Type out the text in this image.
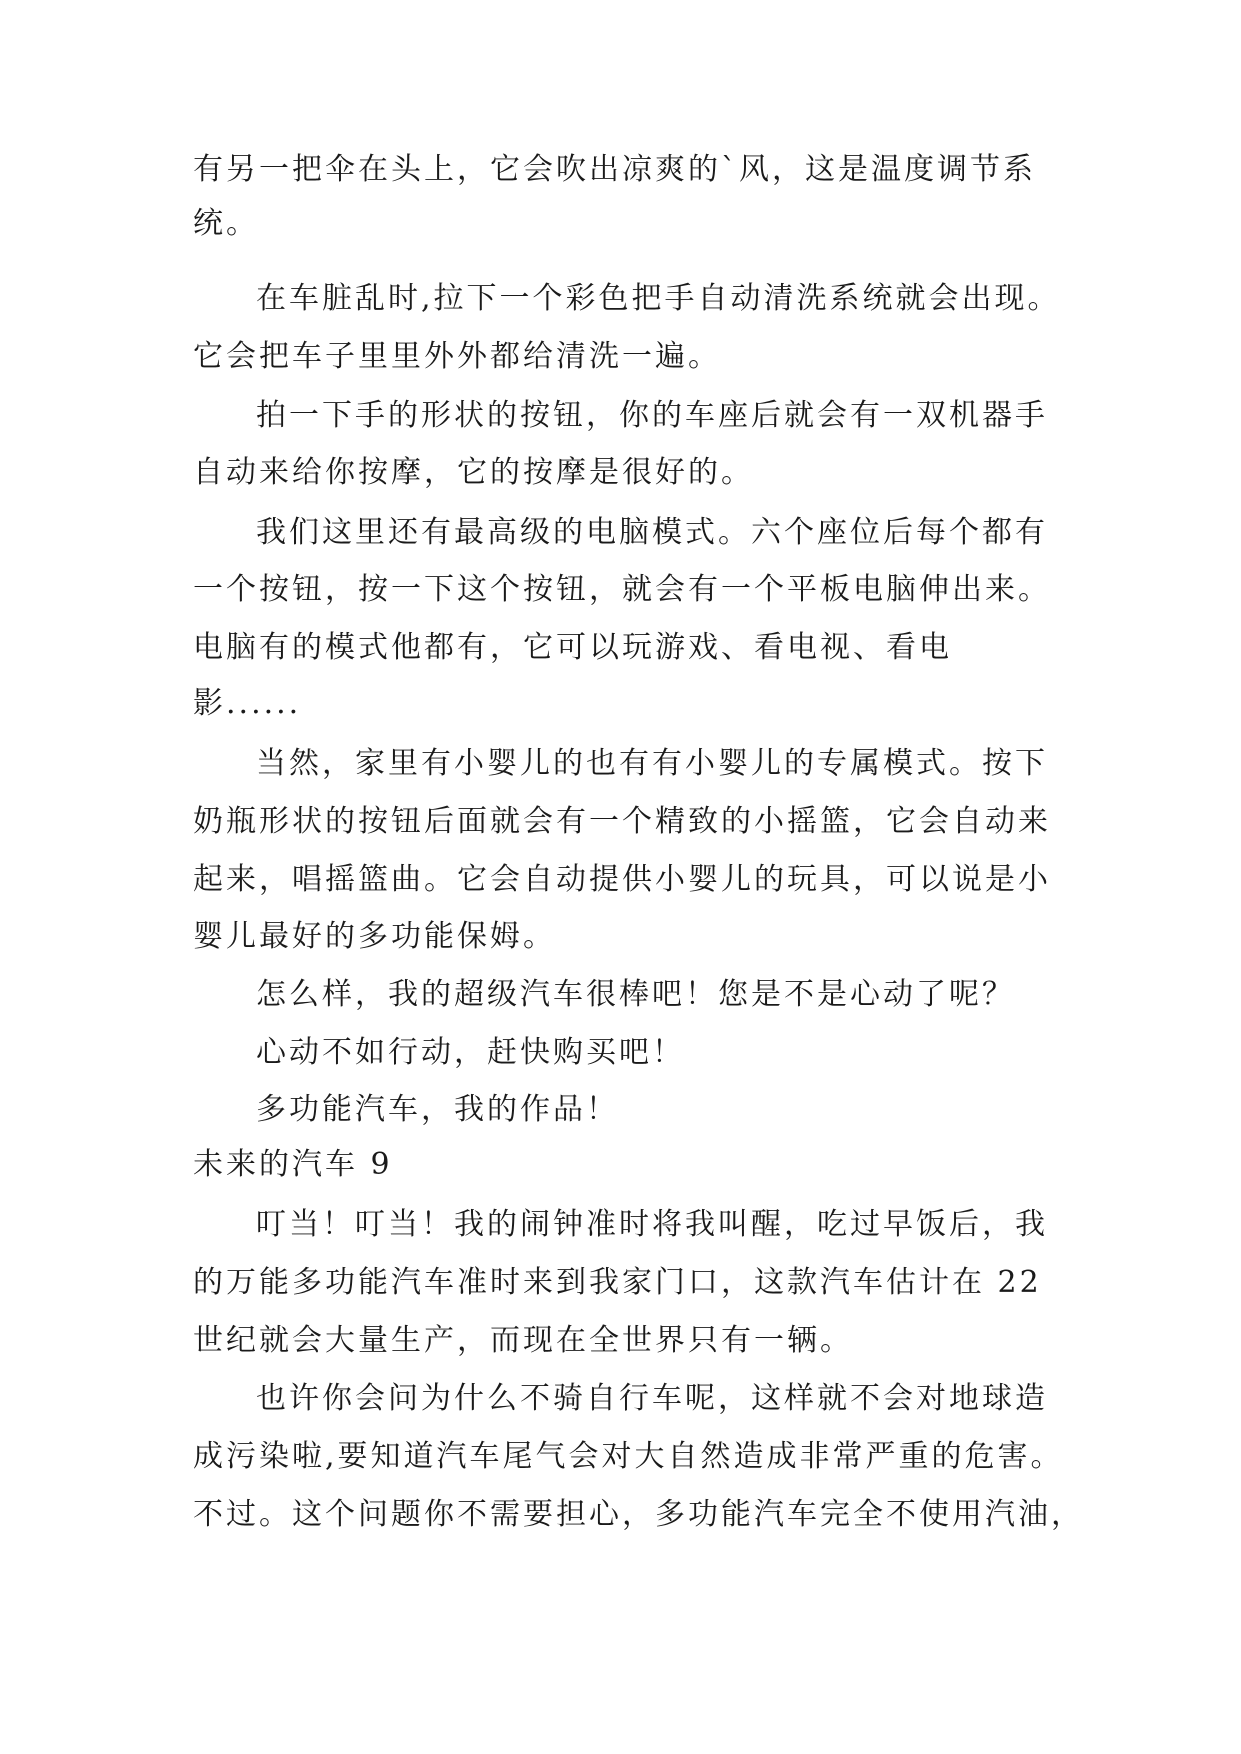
有另一把伞在头上，它会吹出凉爽的`风，这是温度调节系
统。
在车脏乱时,拉下一个彩色把手自动清洗系统就会出现。
它会把车子里里外外都给清洗一遍。
拍一下手的形状的按钮，你的车座后就会有一双机器手
自动来给你按摩，它的按摩是很好的。
我们这里还有最高级的电脑模式。六个座位后每个都有
一个按钮，按一下这个按钮，就会有一个平板电脑伸出来。
电脑有的模式他都有，它可以玩游戏、看电视、看电
影......
当然，家里有小婴儿的也有有小婴儿的专属模式。按下
奶瓶形状的按钮后面就会有一个精致的小摇篮，它会自动来
起来，唱摇篮曲。它会自动提供小婴儿的玩具，可以说是小
婴儿最好的多功能保姆。
怎么样，我的超级汽车很棒吧！您是不是心动了呢？
心动不如行动，赶快购买吧！
多功能汽车，我的作品！
未来的汽车 9
叮当！叮当！我的闹钟准时将我叫醒，吃过早饭后，我
的万能多功能汽车准时来到我家门口，这款汽车估计在 22
世纪就会大量生产，而现在全世界只有一辆。
也许你会问为什么不骑自行车呢，这样就不会对地球造
成污染啦,要知道汽车尾气会对大自然造成非常严重的危害。
不过。这个问题你不需要担心，多功能汽车完全不使用汽油，
